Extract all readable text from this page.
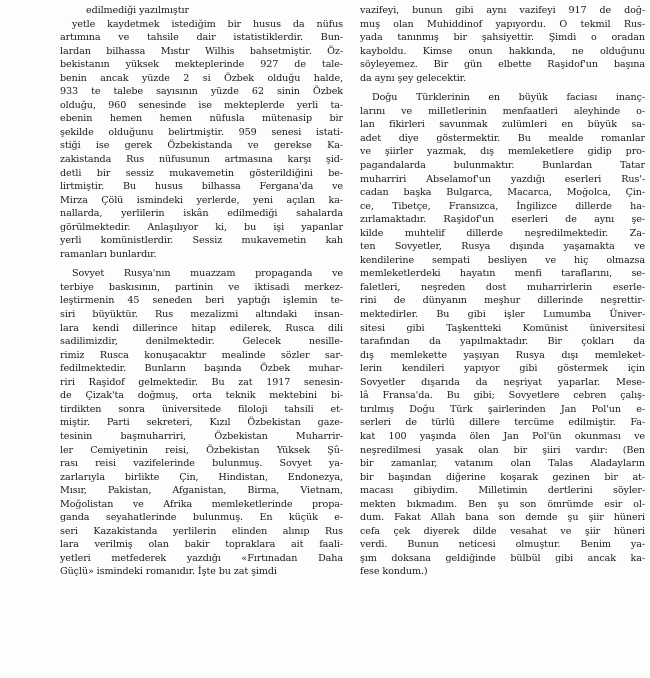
edilmediği yazılmıştır
yetle kaydetmek istediğim bir husus da nüfus
artımına ve tahsile dair istatistiklerdir. Bun-
lardan bilhassa Mıstır Wilhis bahsetmiştir. Öz-
bekistanın yüksek mekteplerinde 927 de tale-
benin ancak yüzde 2 si Özbek olduğu halde,
933 te talebe sayısının yüzde 62 sinin Özbek
olduğu, 960 senesinde ise mekteplerde yerli ta-
ebenin hemen hemen nüfusla mütenasip bir
şekilde olduğunu belirtmiştir. 959 senesi istati-
stiği ise gerek Özbekistanda ve gerekse Ka-
zakistanda Rus nüfusunun artmasına karşı şid-
detli bir sessiz mukavemetin gösterildiğini be-
lirtmiştir. Bu husus bilhassa Fergana'da ve
Mirza Çölü ismindeki yerlerde, yeni açılan ka-
nallarda, yerlilerin iskân edilmediği sahalarda
görülmektedir. Anlaşılıyor ki, bu işi yapanlar
yerli komünistlerdir. Sessiz mukavemetin kah
ramanları bunlardır.
Sovyet Rusya'nın muazzam propaganda ve
terbiye baskısının, partinin ve iktisadi merkez-
leştirmenin 45 seneden beri yaptığı işlemin te-
siri büyüktür. Rus mezalizmi altındaki insan-
lara kendi dillerince hitap edilerek, Rusca dili
sadilimizdir, denilmektedir. Gelecek nesille-
rimiz Rusca konuşacaktır mealinde sözler sar-
fedilmektedir. Bunların başında Özbek muhar-
riri Raşidof gelmektedir. Bu zat 1917 senesin-
de Çizak'ta doğmuş, orta teknik mektebini bi-
tirdikten sonra üniversitede filoloji tahsili et-
miştir. Parti sekreteri, Kızıl Özbekistan gaze-
tesinin başmuharriri, Özbekistan Muharrir-
ler Cemiyetinin reisi, Özbekistan Yüksek Şû-
rası reisi vazifelerinde bulunmuş. Sovyet ya-
zarlarıyla birlikte Çin, Hindistan, Endonezya,
Mısır, Pakistan, Afganistan, Birma, Vietnam,
Moğolistan ve Afrika memleketlerinde propa-
ganda seyahatlerinde bulunmuş. En küçük e-
seri Kazakistanda yerlilerin elinden alınıp Rus
lara verilmiş olan bakir topraklara ait faali-
yetleri metfederek yazdığı «Fırtınadan Daha
Güçlü» ismindeki romanıdır. İşte bu zat şimdi
vazifeyi, bunun gibi aynı vazifeyi 917 de doğ-
muş olan Muhiddinof yapıyordu. O tekmil Rus-
yada tanınmış bir şahsiyettir. Şimdi o oradan
kayboldu. Kimse onun hakkında, ne olduğunu
söyleyemez. Bir gün elbette Raşidof'un başına
da aynı şey gelecektir.
Doğu Türklerinin en büyük faciası inanç-
larını ve milletlerinin menfaatleri aleyhinde o-
lan fikirleri savunmak zulümleri en büyük sa-
adet diye göstermektir. Bu mealde romanlar
ve şiirler yazmak, dış memleketlere gidip pro-
pagandalarda bulunmaktır. Bunlardan Tatar
muharriri Abselamof'un yazdığı eserleri Rus'-
cadan başka Bulgarca, Macarca, Moğolca, Çin-
ce, Tibetçe, Fransızca, İngilizce dillerde ha-
zırlamaktadır. Raşidof'un eserleri de aynı şe-
kilde muhtelif dillerde neşredilmektedir. Za-
ten Sovyetler, Rusya dışında yaşamakta ve
kendilerine sempati besliyen ve hiç olmazsa
memleketlerdeki hayatın menfi taraflarını, se-
faletleri, neşreden dost muharrirlerin eserle-
rini de dünyanın meşhur dillerinde neşrettir-
mektedirler. Bu gibi işler Lumumba Üniver-
sitesi gibi Taşkentteki Komünist üniversitesi
tarafından da yapılmaktadır. Bir çokları da
dış memlekette yaşıyan Rusya dışı memleket-
lerin kendileri yapıyor gibi göstermek için
Sovyetler dışarıda da neşriyat yaparlar. Mese-
lâ Fransa'da. Bu gibi; Sovyetlere cebren çalış-
tırılmış Doğu Türk şairlerinden Jan Pol'un e-
serleri de türlü dillere tercüme edilmiştir. Fa-
kat 100 yaşında ölen Jan Pol'ün okunması ve
neşredilmesi yasak olan bir şiiri vardır: (Ben
bir zamanlar, vatanım olan Talas Aladayların
bir başından diğerine koşarak gezinen bir at-
macası gibiydim. Milletimin dertlerini söyler-
mekten bıkmadım. Ben şu son ömrümde esir ol-
dum. Fakat Allah bana son demde şu şiir hüneri
cefa çek diyerek dilde vesahat ve şiir hüneri
verdi. Bunun neticesi olmuştur. Benim ya-
şım doksana geldiğinde bülbül gibi ancak ka-
fese kondum.)
